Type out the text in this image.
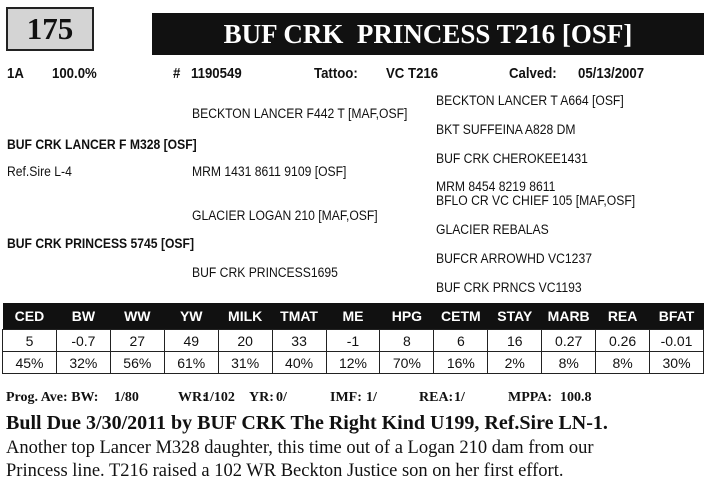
175	BUF CRK  PRINCESS T216 [OSF]
1A 100.0%	# 1190549	Tattoo: VC T216	Calved: 05/13/2007
BECKTON LANCER F442 T [MAF,OSF]
BECKTON LANCER T A664 [OSF]
BKT SUFFEINA A828 DM
BUF CRK LANCER F M328 [OSF]
Ref.Sire L-4
BUF CRK CHEROKEE1431
MRM 1431 8611 9109 [OSF]
MRM 8454 8219 8611
BFLO CR VC CHIEF 105 [MAF,OSF]
GLACIER LOGAN 210 [MAF,OSF]
GLACIER REBALAS
BUF CRK PRINCESS 5745 [OSF]
BUFCR ARROWHD VC1237
BUF CRK PRINCESS1695
BUF CRK PRNCS VC1193
CED	BW	WW	YW	MILK	TMAT	ME	HPG	CETM	STAY	MARB	REA	BFAT
5	-0.7	27	49	20	33	-1	8	6	16	0.27	0.26	-0.01
45%	32%	56%	61%	31%	40%	12%	70%	16%	2%	8%	8%	30%
Prog. Ave: BW: 1/80	WR:
1/102 YR: 0/	IMF: 1/	REA: 1/	MPPA: 100.8
Bull Due 3/30/2011 by BUF CRK The Right Kind U199, Ref.Sire LN-1.
Another top Lancer M328 daughter, this time out of a Logan 210 dam from our
Princess line. T216 raised a 102 WR Beckton Justice son on her first effort.
